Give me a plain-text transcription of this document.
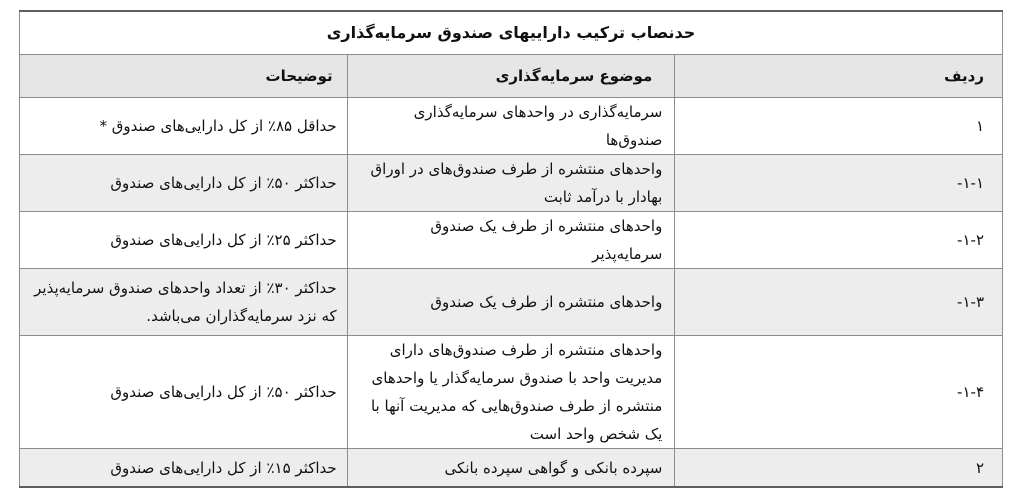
حدنصاب ترکیب داراییهای صندوق سرمایه‌گذاری		
ردیف	موضوع سرمایه‌گذاری	توضیحات
۱	سرمایه‌گذاری در واحدهای سرمایه‌گذاری صندوق‌ها	حداقل ۸۵٪ از کل دارایی‌های صندوق *
۱-۱-	واحدهای منتشره از طرف صندوق‌های در اوراق بهادار با درآمد ثابت	حداکثر ۵۰٪ از کل دارایی‌های صندوق
۱-۲-	واحدهای منتشره از طرف یک صندوق سرمایه‌پذیر	حداکثر ۲۵٪ از کل دارایی‌های صندوق
۱-۳-	واحدهای منتشره از طرف یک صندوق	حداکثر ۳۰٪ از تعداد واحدهای صندوق سرمایه‌پذیر که نزد سرمایه‌گذاران می‌باشد.
۱-۴-	واحدهای منتشره از طرف صندوق‌های دارای مدیریت واحد با صندوق سرمایه‌گذار یا واحدهای منتشره از طرف صندوق‌هایی که مدیریت آنها با یک شخص واحد است	حداکثر ۵۰٪ از کل دارایی‌های صندوق
۲	سپرده بانکی و گواهی سپرده بانکی	حداکثر ۱۵٪ از کل دارایی‌های صندوق
